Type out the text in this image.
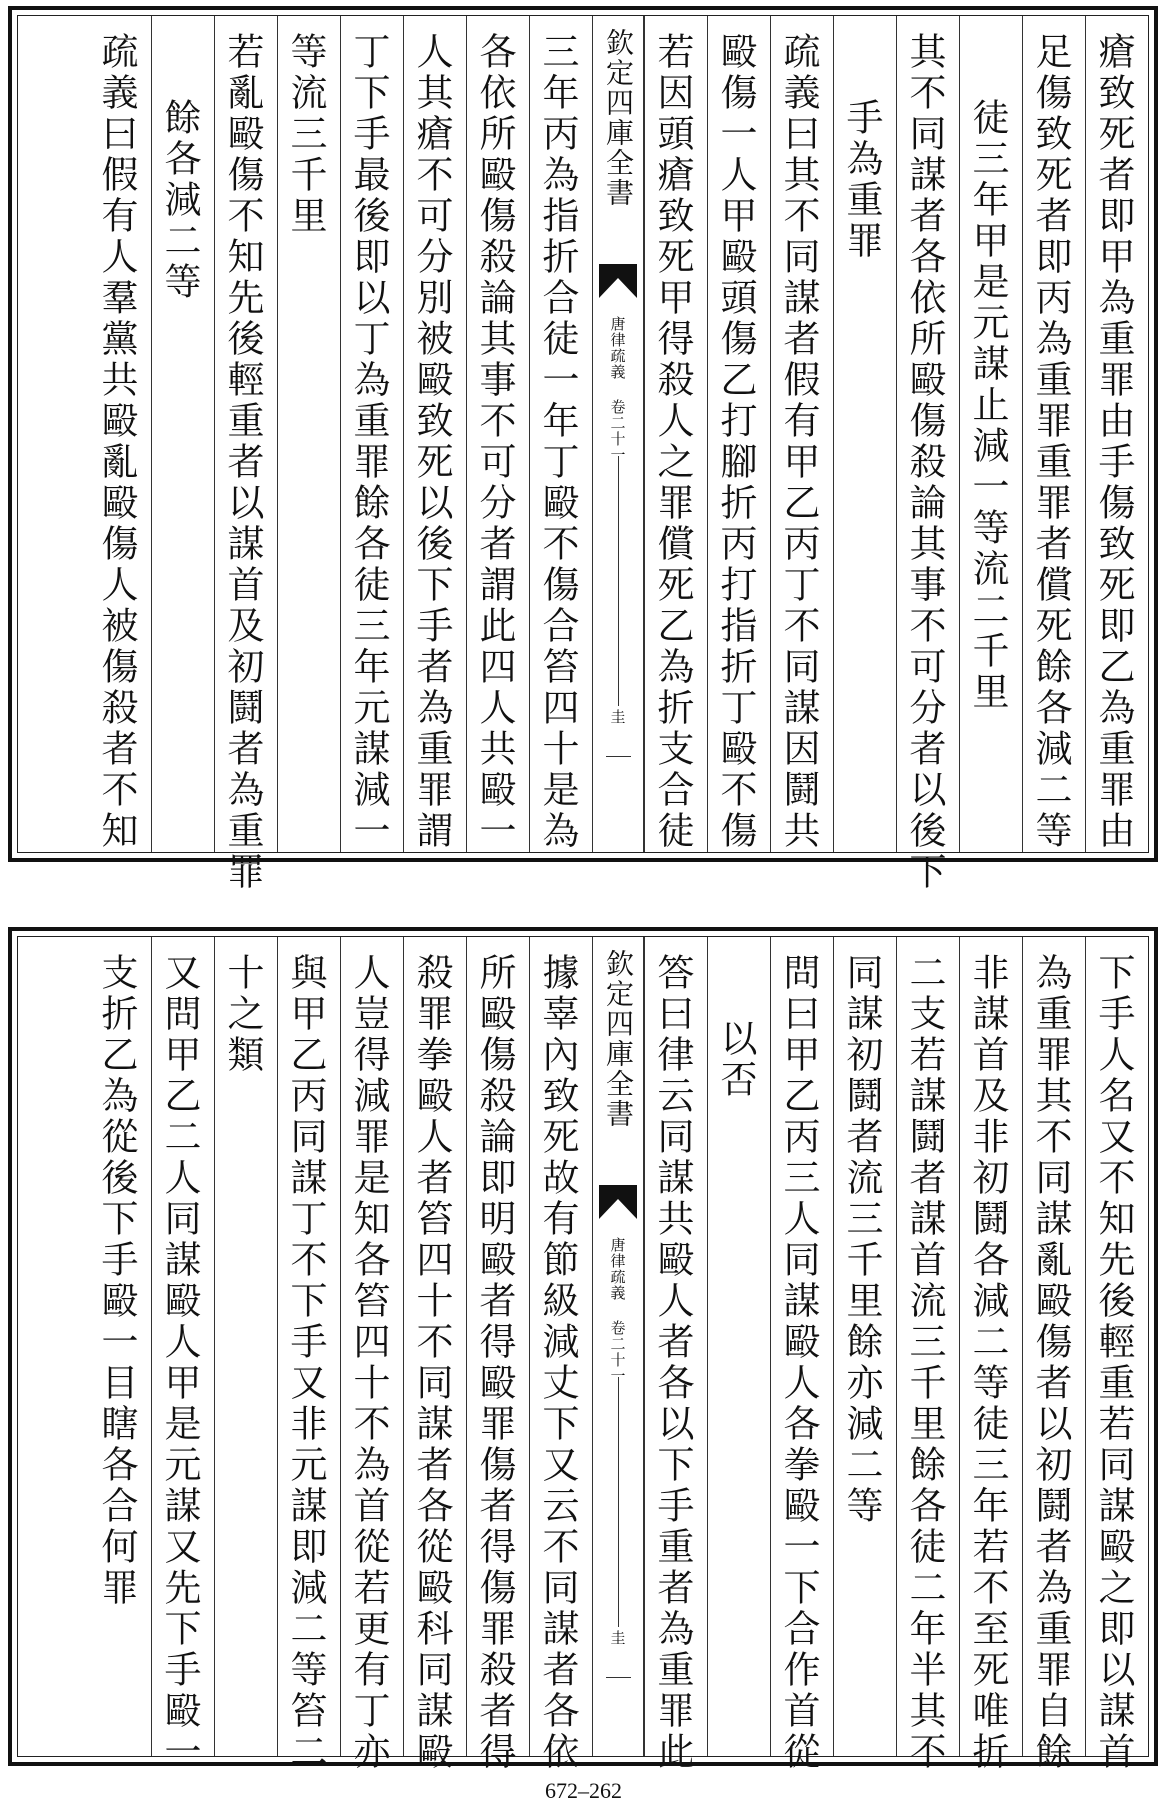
瘡致死者即甲為重罪由手傷致死即乙為重罪由
足傷致死者即丙為重罪重罪者償死餘各減二等
徒三年甲是元謀止減一等流二千里
其不同謀者各依所毆傷殺論其事不可分者以後下
手為重罪
疏義曰其不同謀者假有甲乙丙丁不同謀因鬪共
毆傷一人甲毆頭傷乙打腳折丙打指折丁毆不傷
若因頭瘡致死甲得殺人之罪償死乙為折支合徒
欽定四庫全書
唐律疏義 卷二十一
圭
三年丙為指折合徒一年丁毆不傷合笞四十是為
各依所毆傷殺論其事不可分者謂此四人共毆一
人其瘡不可分別被毆致死以後下手者為重罪謂
丁下手最後即以丁為重罪餘各徒三年元謀減一
等流三千里
若亂毆傷不知先後輕重者以謀首及初鬪者為重罪
餘各減二等
疏義曰假有人羣黨共毆亂毆傷人被傷殺者不知
下手人名又不知先後輕重若同謀毆之即以謀首
為重罪其不同謀亂毆傷者以初鬪者為重罪自餘
非謀首及非初鬪各減二等徒三年若不至死唯折
二支若謀鬪者謀首流三千里餘各徒二年半其不
同謀初鬪者流三千里餘亦減二等
問曰甲乙丙三人同謀毆人各拳毆一下合作首從
以否
答曰律云同謀共毆人者各以下手重者為重罪此
欽定四庫全書
唐律疏義 卷二十一
圭
據辜內致死故有節級減丈下又云不同謀者各依
所毆傷殺論即明毆者得毆罪傷者得傷罪殺者得
殺罪拳毆人者笞四十不同謀者各從毆科同謀毆
人豈得減罪是知各笞四十不為首從若更有丁亦
與甲乙丙同謀丁不下手又非元謀即減二等笞二
十之類
又問甲乙二人同謀毆人甲是元謀又先下手毆一
支折乙為從後下手毆一目瞎各合何罪
672–262
